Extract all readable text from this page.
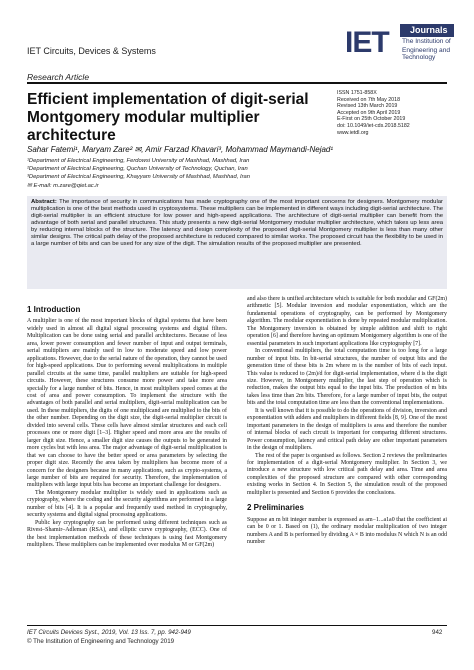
IET Circuits, Devices & Systems
Research Article
IET	Journals
The Institution of
Engineering and Technology
Efficient implementation of digit-serial Montgomery modular multiplier architecture
ISSN 1751-858X
Received on 7th May 2018
Revised 13th March 2019
Accepted on 9th April 2019
E-First on 25th October 2019
doi: 10.1049/iet-cds.2018.5182
www.ietdl.org
Sahar Fatemi¹, Maryam Zare² ✉, Amir Farzad Khavari³, Mohammad Maymandi-Nejad¹
¹Department of Electrical Engineering, Ferdowsi University of Mashhad, Mashhad, Iran
²Department of Electrical Engineering, Quchan University of Technology, Quchan, Iran
³Department of Electrical Engineering, Khayyam University of Mashhad, Mashhad, Iran
✉ E-mail: m.zare@qiet.ac.ir
Abstract: The importance of security in communications has made cryptography one of the most important concerns for designers. Montgomery modular multiplication is one of the best methods used in cryptosystems. These multipliers can be implemented in different ways including digit-serial architecture. The digit-serial multiplier is an efficient structure for low power and high-speed applications. The architecture of digit-serial multiplier can benefit from the advantage of both serial and parallel structures. This study presents a new digit-serial Montgomery modular multiplier architecture, which takes up less area by reducing internal blocks of the structure. The latency and design complexity of the proposed digit-serial Montgomery multiplier is less than many other similar designs. The critical path delay of the proposed architecture is reduced compared to similar works. The proposed circuit has the flexibility to be used in a large number of bits and can be used for any size of the digit. The simulation results of the proposed multiplier are presented.
1 Introduction

A multiplier is one of the most important blocks of digital systems that have been widely used in almost all digital signal processing systems and digital filters. Multiplication can be done using serial and parallel architectures. Because of less area, lower power consumption and fewer number of input and output terminals, serial multipliers are mainly used in low to moderate speed and low power applications. However, due to the serial nature of the operation, they cannot be used for high-speed applications. Due to performing several multiplications in multiple parallel circuits at the same time, parallel multipliers are suitable for high-speed circuits. However, these structures consume more power and take more area specially for a large number of bits. Hence, in most multipliers speed comes at the cost of area and power consumption. To implement the structure with the advantages of both parallel and serial multipliers, digit-serial multiplication can be used. In these multipliers, the digits of one multiplicand are multiplied to the bits of the other number. Depending on the digit size, the digit-serial multiplier circuit is divided into several cells. These cells have almost similar structures and each cell processes one or more digit [1–3]. Higher speed and more area are the results of larger digit size. Hence, a smaller digit size causes the outputs to be generated in more cycles but with less area. The major advantage of digit-serial multiplication is that we can choose to have the better speed or area parameters by selecting the proper digit size. Recently the area taken by multipliers has become more of a concern for the designers because in many applications, such as crypto-systems, a large number of bits are required for security. Therefore, the implementation of multipliers with large input bits has become an important challenge for designers.

The Montgomery modular multiplier is widely used in applications such as cryptography, where the coding and the security algorithms are performed in a large number of bits [4]. It is a popular and frequently used method in cryptography, security systems and digital signal processing applications.

Public key cryptography can be performed using different techniques such as Rivest–Shamir–Adleman (RSA), and elliptic curve cryptography, (ECC). One of the best implementation methods of these techniques is using fast Montgomery multipliers. These multipliers can be implemented over modulus M or GF(2m)

and also there is unified architecture which is suitable for both modular and GF(2m) arithmetic [5]. Modular inversion and modular exponentiation, which are the fundamental operations of cryptography, can be performed by Montgomery algorithm. The modular exponentiation is done by repeated modular multiplication. The Montgomery inversion is obtained by simple addition and shift to right operation [6] and therefore having an optimum Montgomery algorithm is one of the essential parameters in such important applications like cryptography [7].

In conventional multipliers, the total computation time is too long for a large number of input bits. In bit-serial structures, the number of output bits and the generation time of these bits is 2m where m is the number of bits of each input. This value is reduced to (2m)/d for digit-serial implementation, where d is the digit size. However, in Montgomery multiplier, the last step of operation which is reduction, makes the output bits equal to the input bits. The production of m bits takes less time than 2m bits. Therefore, for a large number of input bits, the output bits and the total computation time are less than the conventional implementations.

It is well known that it is possible to do the operations of division, inversion and exponentiation with adders and multipliers in different fields [8, 9]. One of the most important parameters in the design of multipliers is area and therefore the number of internal blocks of each circuit is important for comparing different structures. Power consumption, latency and critical path delay are other important parameters in the design of multipliers.

The rest of the paper is organised as follows. Section 2 reviews the preliminaries for implementation of a digit-serial Montgomery multiplier. In Section 3, we introduce a new structure with low critical path delay and area. Time and area complexities of the proposed structure are compared with other corresponding existing works in Section 4. In Section 5, the simulation result of the proposed multiplier is presented and Section 6 provides the conclusions.

2 Preliminaries

Suppose an m bit integer number is expressed as am−1...a1a0 that the coefficient ai can be 0 or 1. Based on (1), the ordinary modular multiplication of two integer numbers A and B is performed by dividing A × B into modulus N which N is an odd number

IET Circuits Devices Syst., 2019, Vol. 13 Iss. 7, pp. 942-949
© The Institution of Engineering and Technology 2019
942
